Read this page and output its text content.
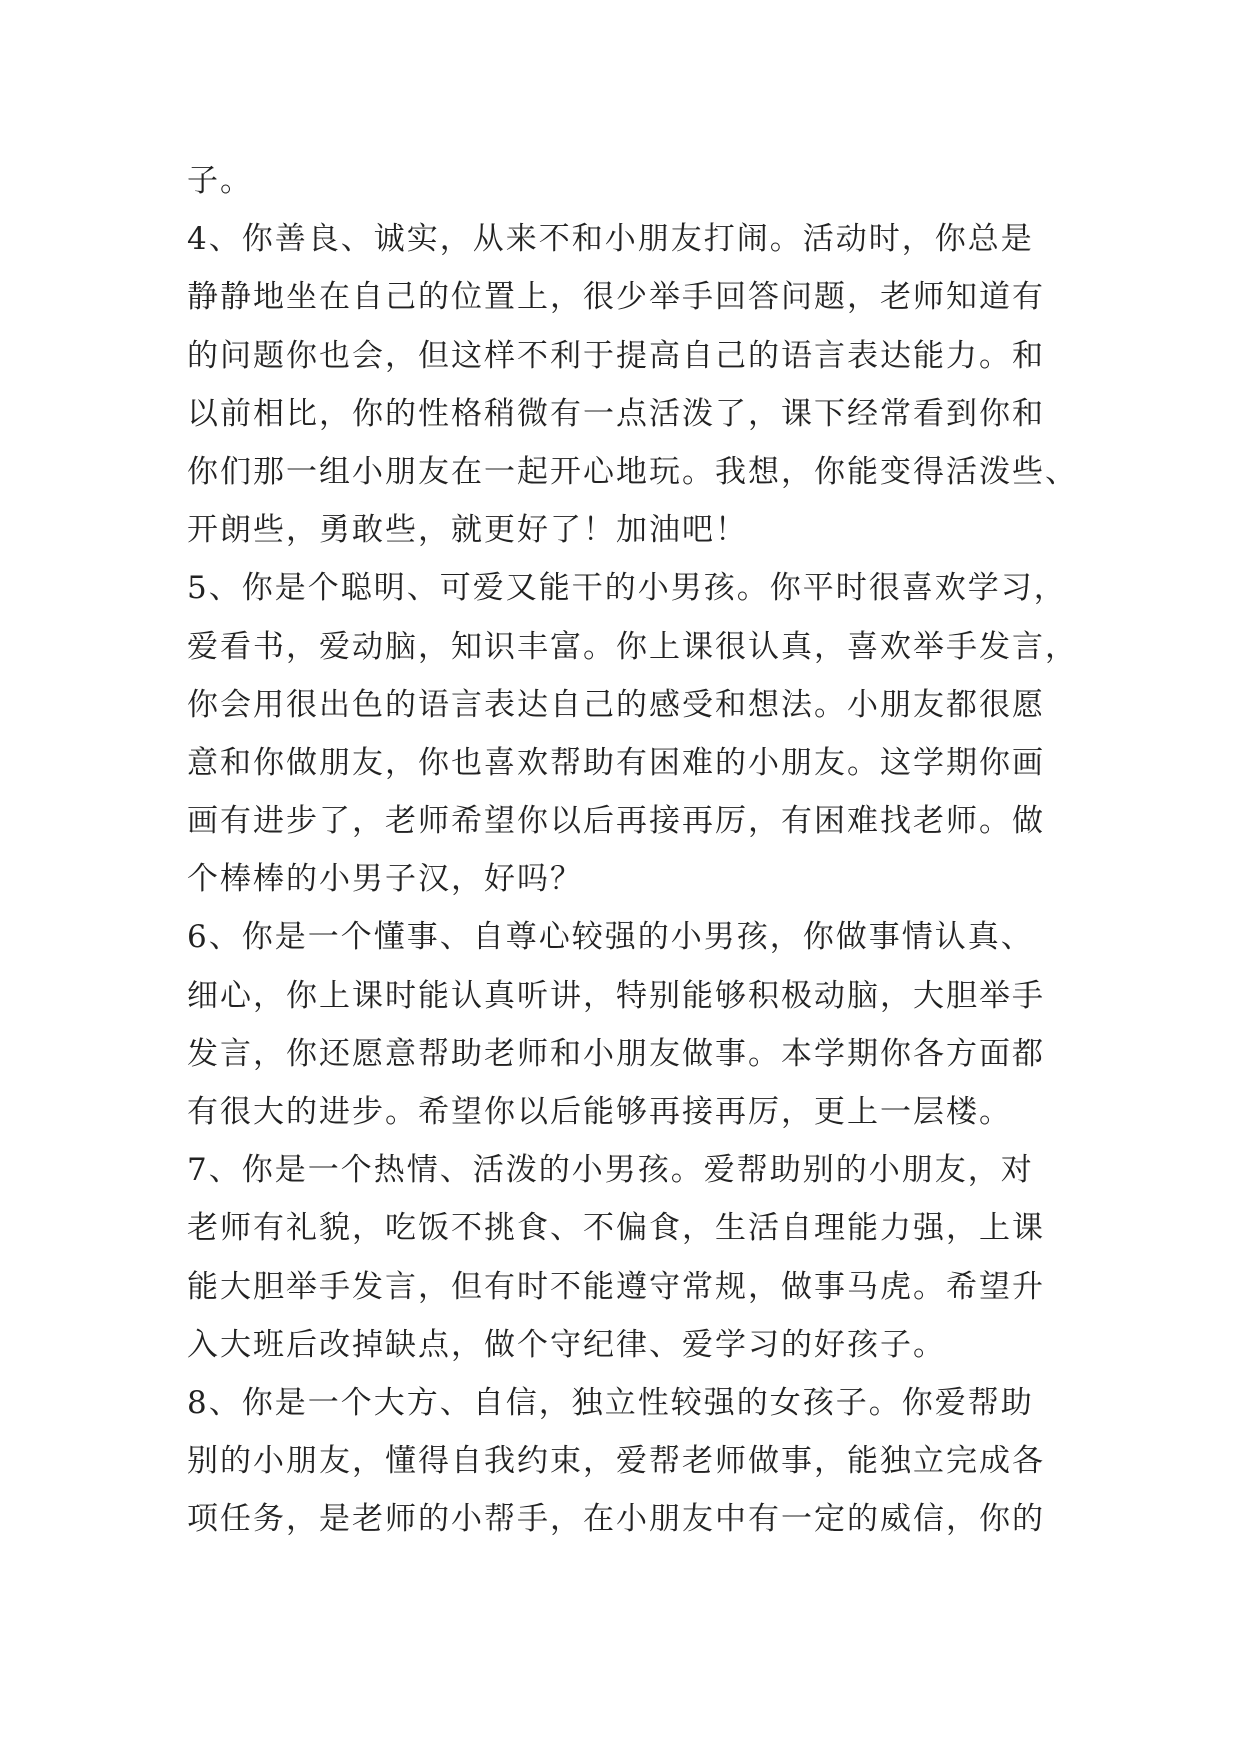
子。
4、你善良、诚实，从来不和小朋友打闹。活动时，你总是
静静地坐在自己的位置上，很少举手回答问题，老师知道有
的问题你也会，但这样不利于提高自己的语言表达能力。和
以前相比，你的性格稍微有一点活泼了，课下经常看到你和
你们那一组小朋友在一起开心地玩。我想，你能变得活泼些、
开朗些，勇敢些，就更好了！加油吧！
5、你是个聪明、可爱又能干的小男孩。你平时很喜欢学习，
爱看书，爱动脑，知识丰富。你上课很认真，喜欢举手发言，
你会用很出色的语言表达自己的感受和想法。小朋友都很愿
意和你做朋友，你也喜欢帮助有困难的小朋友。这学期你画
画有进步了，老师希望你以后再接再厉，有困难找老师。做
个棒棒的小男子汉，好吗？
6、你是一个懂事、自尊心较强的小男孩，你做事情认真、
细心，你上课时能认真听讲，特别能够积极动脑，大胆举手
发言，你还愿意帮助老师和小朋友做事。本学期你各方面都
有很大的进步。希望你以后能够再接再厉，更上一层楼。
7、你是一个热情、活泼的小男孩。爱帮助别的小朋友，对
老师有礼貌，吃饭不挑食、不偏食，生活自理能力强，上课
能大胆举手发言，但有时不能遵守常规，做事马虎。希望升
入大班后改掉缺点，做个守纪律、爱学习的好孩子。
8、你是一个大方、自信，独立性较强的女孩子。你爱帮助
别的小朋友，懂得自我约束，爱帮老师做事，能独立完成各
项任务，是老师的小帮手，在小朋友中有一定的威信，你的
